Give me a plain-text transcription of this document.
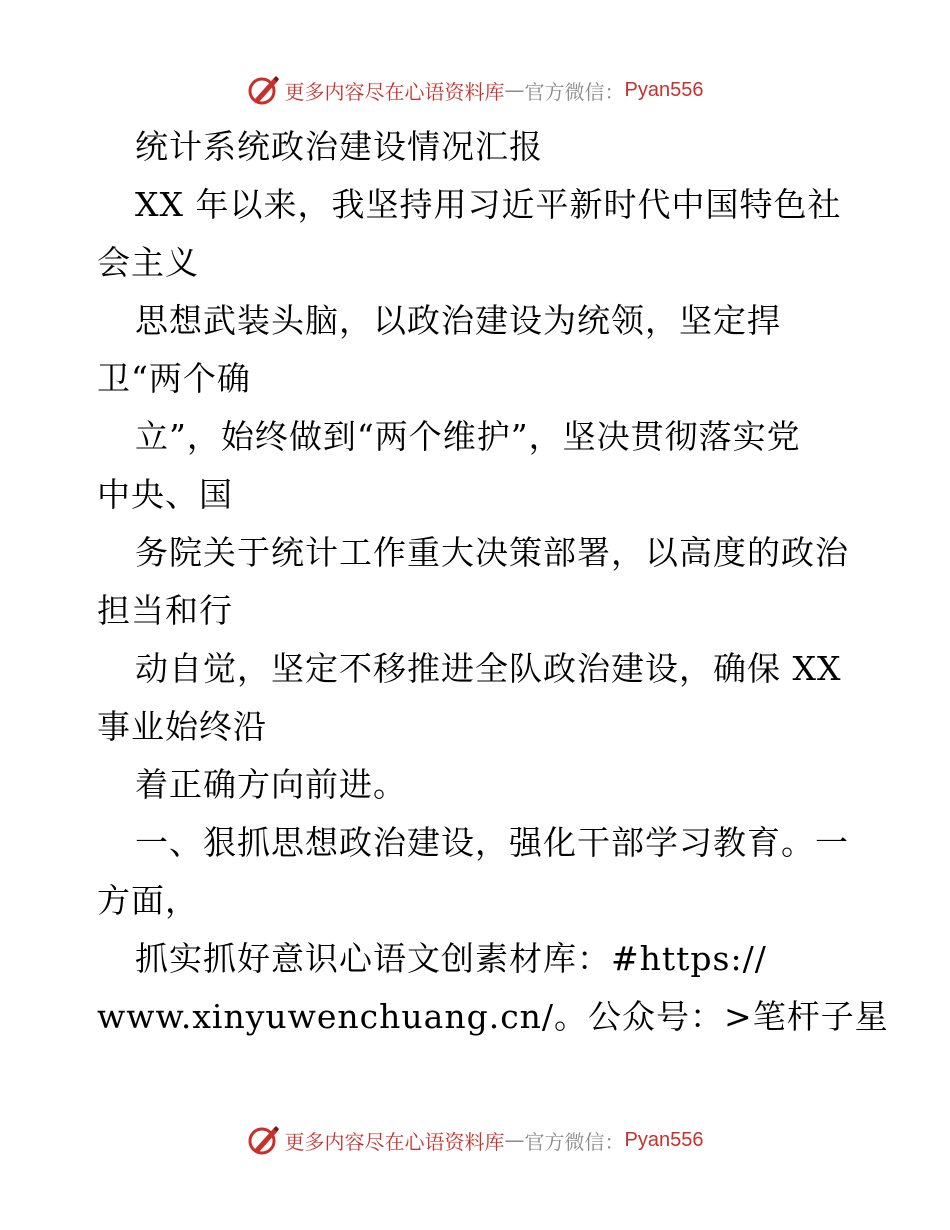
更多内容尽在心语资料库 — 官方微信： Pyan556
统计系统政治建设情况汇报
XX 年以来，我坚持用习近平新时代中国特色社
会主义
思想武装头脑，以政治建设为统领，坚定捍
卫“两个确
立”，始终做到“两个维护”，坚决贯彻落实党
中央、国
务院关于统计工作重大决策部署，以高度的政治
担当和行
动自觉，坚定不移推进全队政治建设，确保 XX
事业始终沿
着正确方向前进。
一、狠抓思想政治建设，强化干部学习教育。一
方面，
抓实抓好意识心语文创素材库：#https://
www.xinyuwenchuang.cn/。公众号：>笔杆子星
更多内容尽在心语资料库 — 官方微信： Pyan556
